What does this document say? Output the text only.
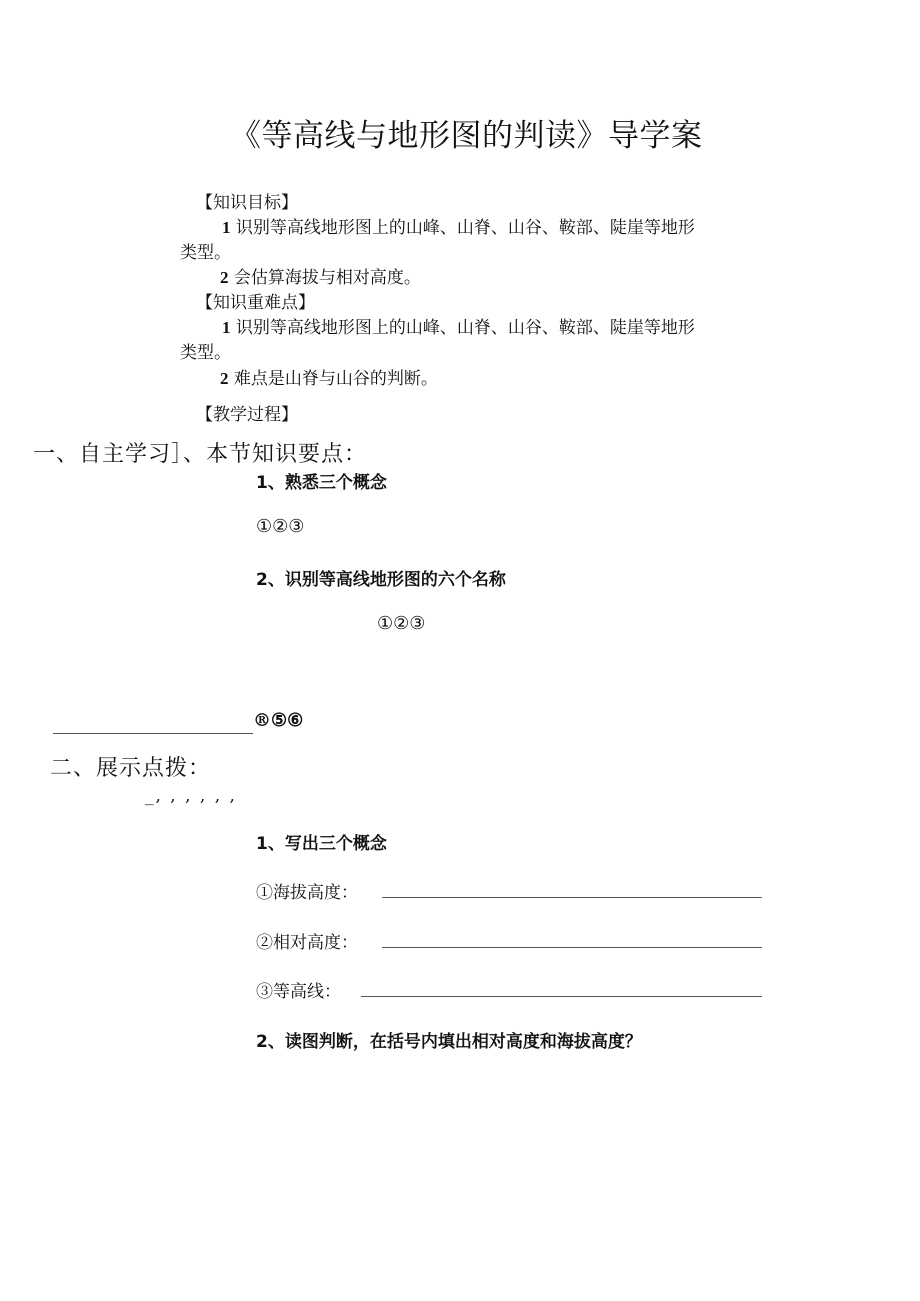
《等高线与地形图的判读》导学案
【知识目标】
1 识别等高线地形图上的山峰、山脊、山谷、鞍部、陡崖等地形
类型。
2 会估算海拔与相对高度。
【知识重难点】
1 识别等高线地形图上的山峰、山脊、山谷、鞍部、陡崖等地形
类型。
2 难点是山脊与山谷的判断。
【教学过程】
一、自主学习］、本节知识要点：
1、熟悉三个概念
①②③
2、识别等高线地形图的六个名称
①②③
®⑤⑥
二、展示点拨：
_, , , , , ,
1、写出三个概念
①海拔高度：
②相对高度：
③等高线：
2、读图判断，在括号内填出相对高度和海拔高度？
